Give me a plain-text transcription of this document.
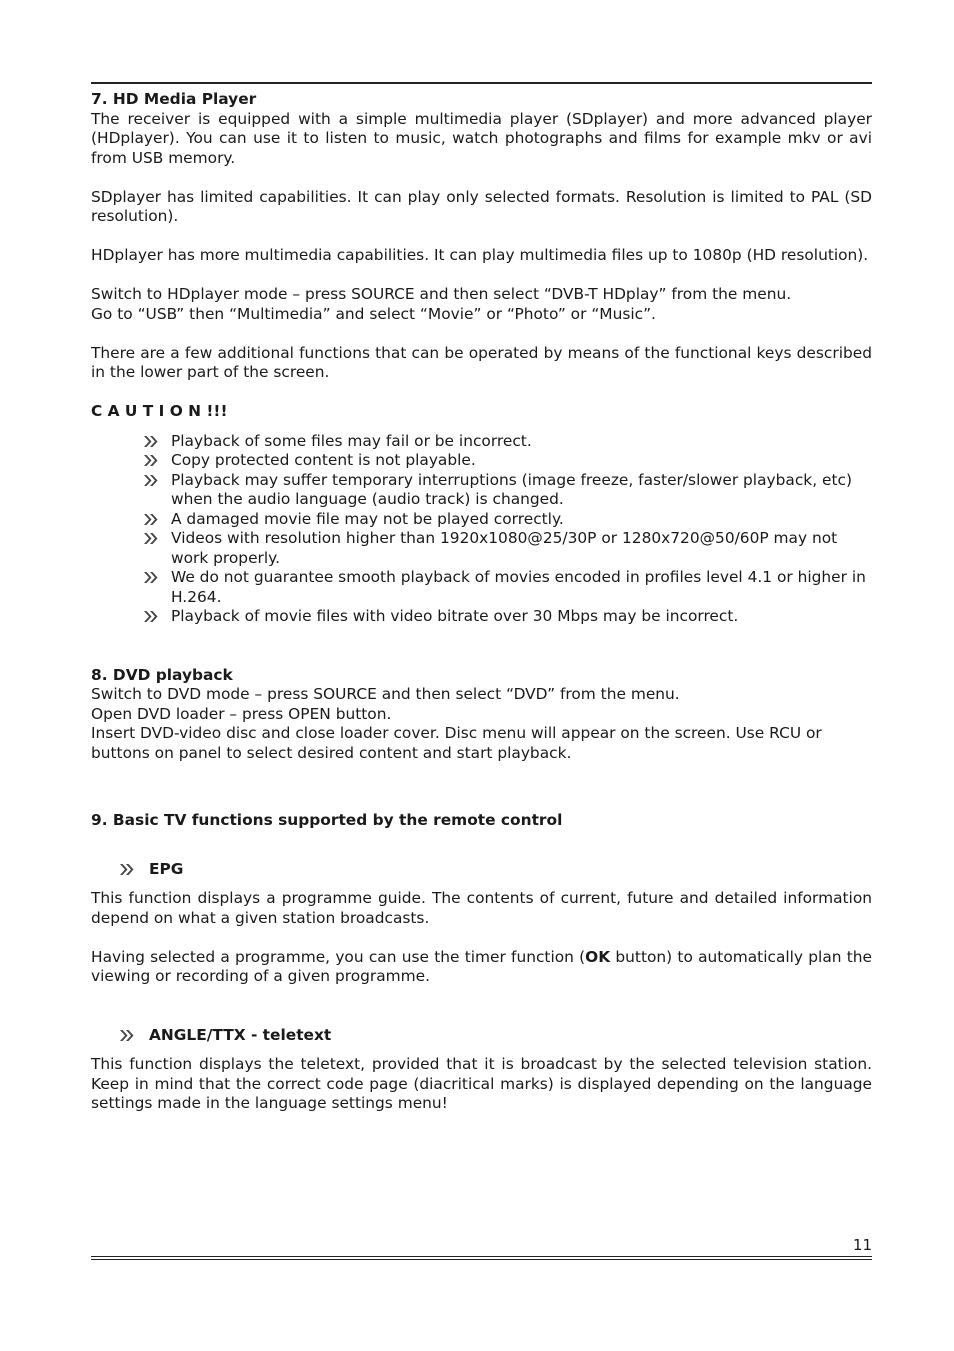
7. HD Media Player

The receiver is equipped with a simple multimedia player (SDplayer) and more advanced player (HDplayer). You can use it to listen to music, watch photographs and films for example mkv or avi from USB memory.

SDplayer has limited capabilities. It can play only selected formats. Resolution is limited to PAL (SD resolution).

HDplayer has more multimedia capabilities. It can play multimedia files up to 1080p (HD resolution).

Switch to HDplayer mode – press SOURCE and then select “DVB-T HDplay” from the menu.

Go to “USB” then “Multimedia” and select “Movie” or “Photo” or “Music”.

There are a few additional functions that can be operated by means of the functional keys described in the lower part of the screen.

C A U T I O N !!!
Playback of some files may fail or be incorrect.
Copy protected content is not playable.
Playback may suffer temporary interruptions (image freeze, faster/slower playback, etc) when the audio language (audio track) is changed.
A damaged movie file may not be played correctly.
Videos with resolution higher than 1920x1080@25/30P or 1280x720@50/60P may not work properly.
We do not guarantee smooth playback of movies encoded in profiles level 4.1 or higher in H.264.
Playback of movie files with video bitrate over 30 Mbps may be incorrect.
8. DVD playback

Switch to DVD mode – press SOURCE and then select “DVD” from the menu.

Open DVD loader – press OPEN button.

Insert DVD-video disc and close loader cover. Disc menu will appear on the screen. Use RCU or buttons on panel to select desired content and start playback.

9. Basic TV functions supported by the remote control
EPG

This function displays a programme guide. The contents of current, future and detailed information depend on what a given station broadcasts.

Having selected a programme, you can use the timer function (OK button) to automatically plan the viewing or recording of a given programme.

ANGLE/TTX - teletext

This function displays the teletext, provided that it is broadcast by the selected television station. Keep in mind that the correct code page (diacritical marks) is displayed depending on the language settings made in the language settings menu!

11
